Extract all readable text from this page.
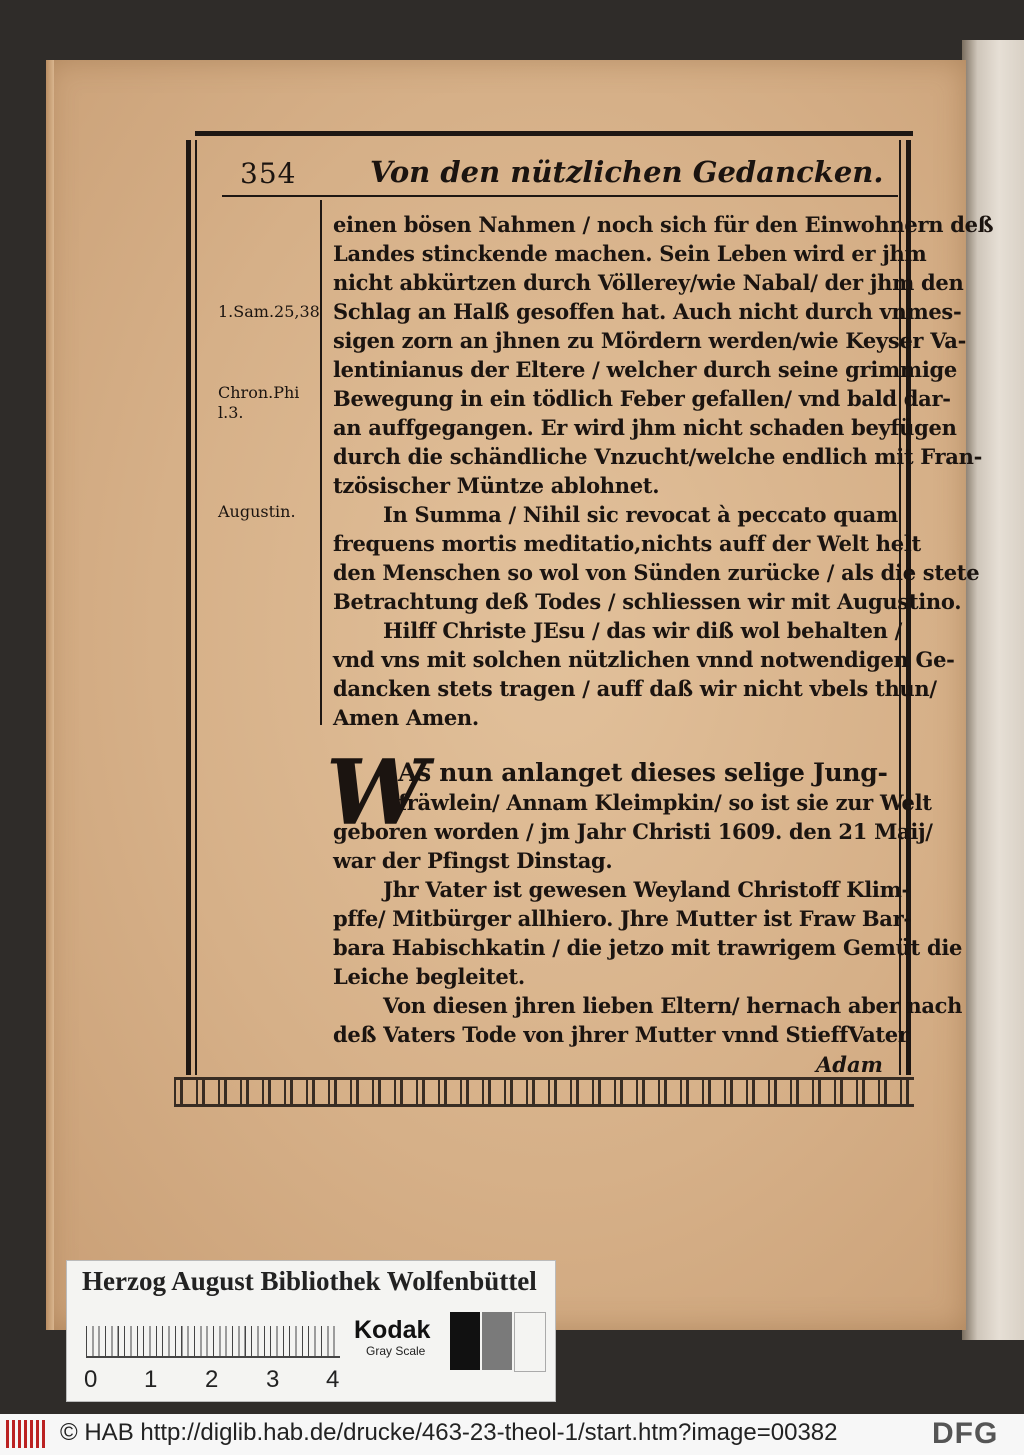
354	Von den nützlichen Gedancken.
1.Sam.25,38
Chron.Phi
l.3.
Augustin.
einen bösen Nahmen / noch sich für den Einwohnern deß
Landes stinckende machen. Sein Leben wird er jhm
nicht abkürtzen durch Völlerey/wie Nabal/ der jhm den
Schlag an Halß gesoffen hat. Auch nicht durch vnmes-
sigen zorn an jhnen zu Mördern werden/wie Keyser Va-
lentinianus der Eltere / welcher durch seine grimmige
Bewegung in ein tödlich Feber gefallen/ vnd bald dar-
an auffgegangen. Er wird jhm nicht schaden beyfügen
durch die schändliche Vnzucht/welche endlich mit Fran-
tzösischer Müntze ablohnet.
In Summa / Nihil sic revocat à peccato quam
frequens mortis meditatio,nichts auff der Welt helt
den Menschen so wol von Sünden zurücke / als die stete
Betrachtung deß Todes / schliessen wir mit Augustino.
Hilff Christe JEsu / das wir diß wol behalten /
vnd vns mit solchen nützlichen vnnd notwendigen Ge-
dancken stets tragen / auff daß wir nicht vbels thun/
Amen Amen.
W
As nun anlanget dieses selige Jung-
fräwlein/ Annam Kleimpkin/ so ist sie zur Welt
geboren worden / jm Jahr Christi 1609. den 21 Maij/
war der Pfingst Dinstag.
Jhr Vater ist gewesen Weyland Christoff Klim-
pffe/ Mitbürger allhiero. Jhre Mutter ist Fraw Bar-
bara Habischkatin / die jetzo mit trawrigem Gemüt die
Leiche begleitet.
Von diesen jhren lieben Eltern/ hernach aber nach
deß Vaters Tode von jhrer Mutter vnnd StieffVater
Adam
Herzog August Bibliothek Wolfenbüttel
0 1 2 3 4
Kodak
Gray Scale
© HAB http://diglib.hab.de/drucke/463-23-theol-1/start.htm?image=00382	DFG
